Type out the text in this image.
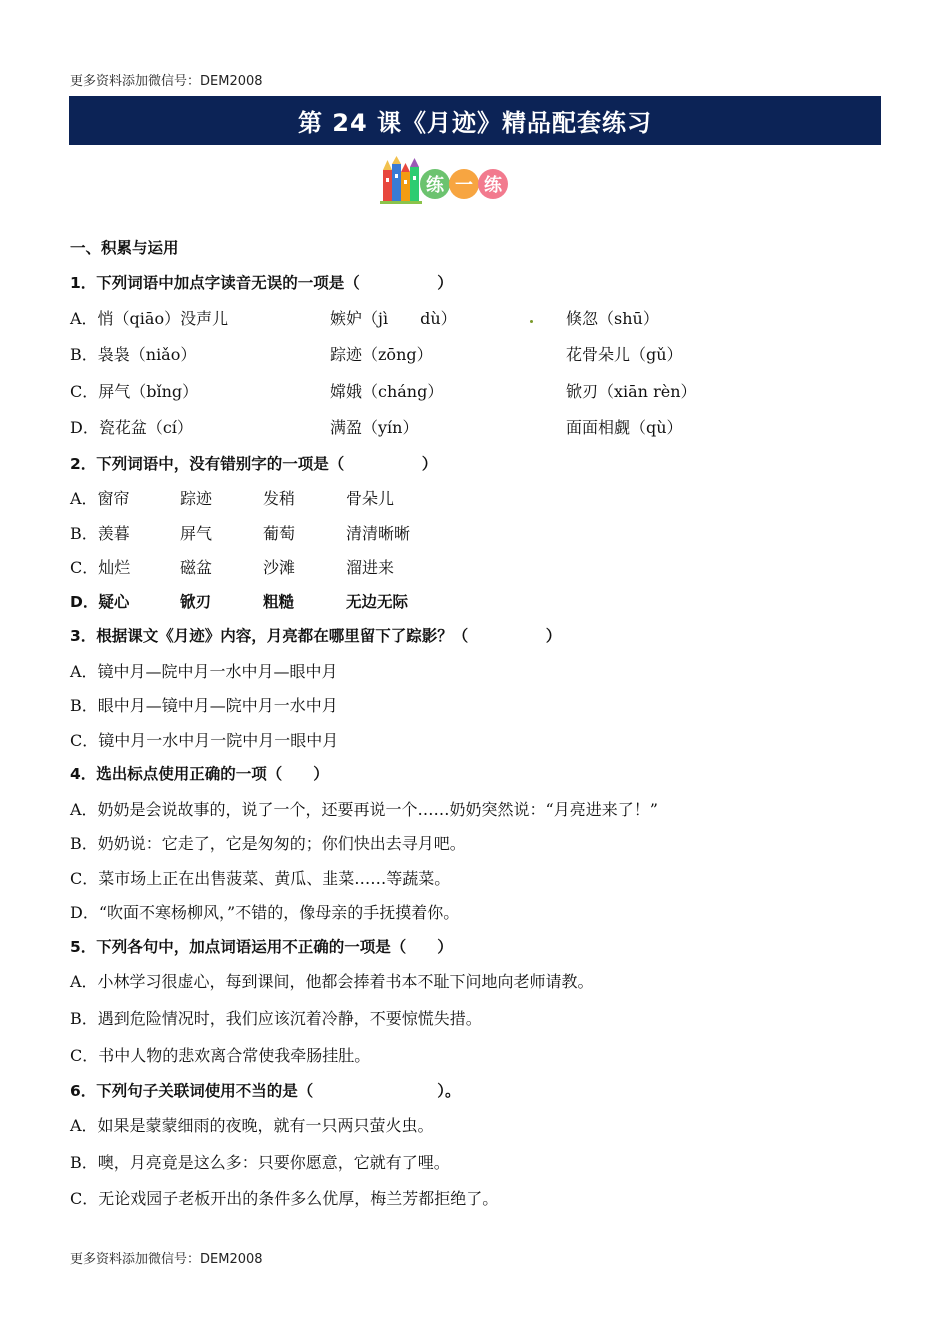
更多资料添加微信号：DEM2008
第 24 课《月迹》精品配套练习
练 一 练
一、积累与运用
1．下列词语中加点字读音无误的一项是（　　　　　）
A．悄（qiāo）没声儿	嫉妒（jì　　dù）	倏忽（shū）
B．袅袅（niǎo）	踪迹（zōng）	花骨朵儿（gǔ）
C．屏气（bǐng）	嫦娥（cháng）	锨刃（xiān rèn）
D．瓷花盆（cí）	满盈（yín）	面面相觑（qù）
2．下列词语中，没有错别字的一项是（　　　　　）
A．窗帘	踪迹	发稍	骨朵儿
B．羡暮	屏气	葡萄	清清晰晰
C．灿烂	磁盆	沙滩	溜进来
D．疑心	锨刃	粗糙	无边无际
3．根据课文《月迹》内容，月亮都在哪里留下了踪影？（　　　　　）
A．镜中月—院中月一水中月—眼中月
B．眼中月—镜中月—院中月一水中月
C．镜中月一水中月一院中月一眼中月
4．选出标点使用正确的一项（　　）
A．奶奶是会说故事的，说了一个，还要再说一个……奶奶突然说：“月亮进来了！”
B．奶奶说：它走了，它是匆匆的；你们快出去寻月吧。
C．菜市场上正在出售菠菜、黄瓜、韭菜……等蔬菜。
D．“吹面不寒杨柳风，”不错的，像母亲的手抚摸着你。
5．下列各句中，加点词语运用不正确的一项是（　　）
A．小林学习很虚心，每到课间，他都会捧着书本不耻下问地向老师请教。
B．遇到危险情况时，我们应该沉着冷静，不要惊慌失措。
C．书中人物的悲欢离合常使我牵肠挂肚。
6．下列句子关联词使用不当的是（　　　　　　　　）。
A．如果是蒙蒙细雨的夜晚，就有一只两只萤火虫。
B．噢，月亮竟是这么多：只要你愿意，它就有了哩。
C．无论戏园子老板开出的条件多么优厚，梅兰芳都拒绝了。
更多资料添加微信号：DEM2008
